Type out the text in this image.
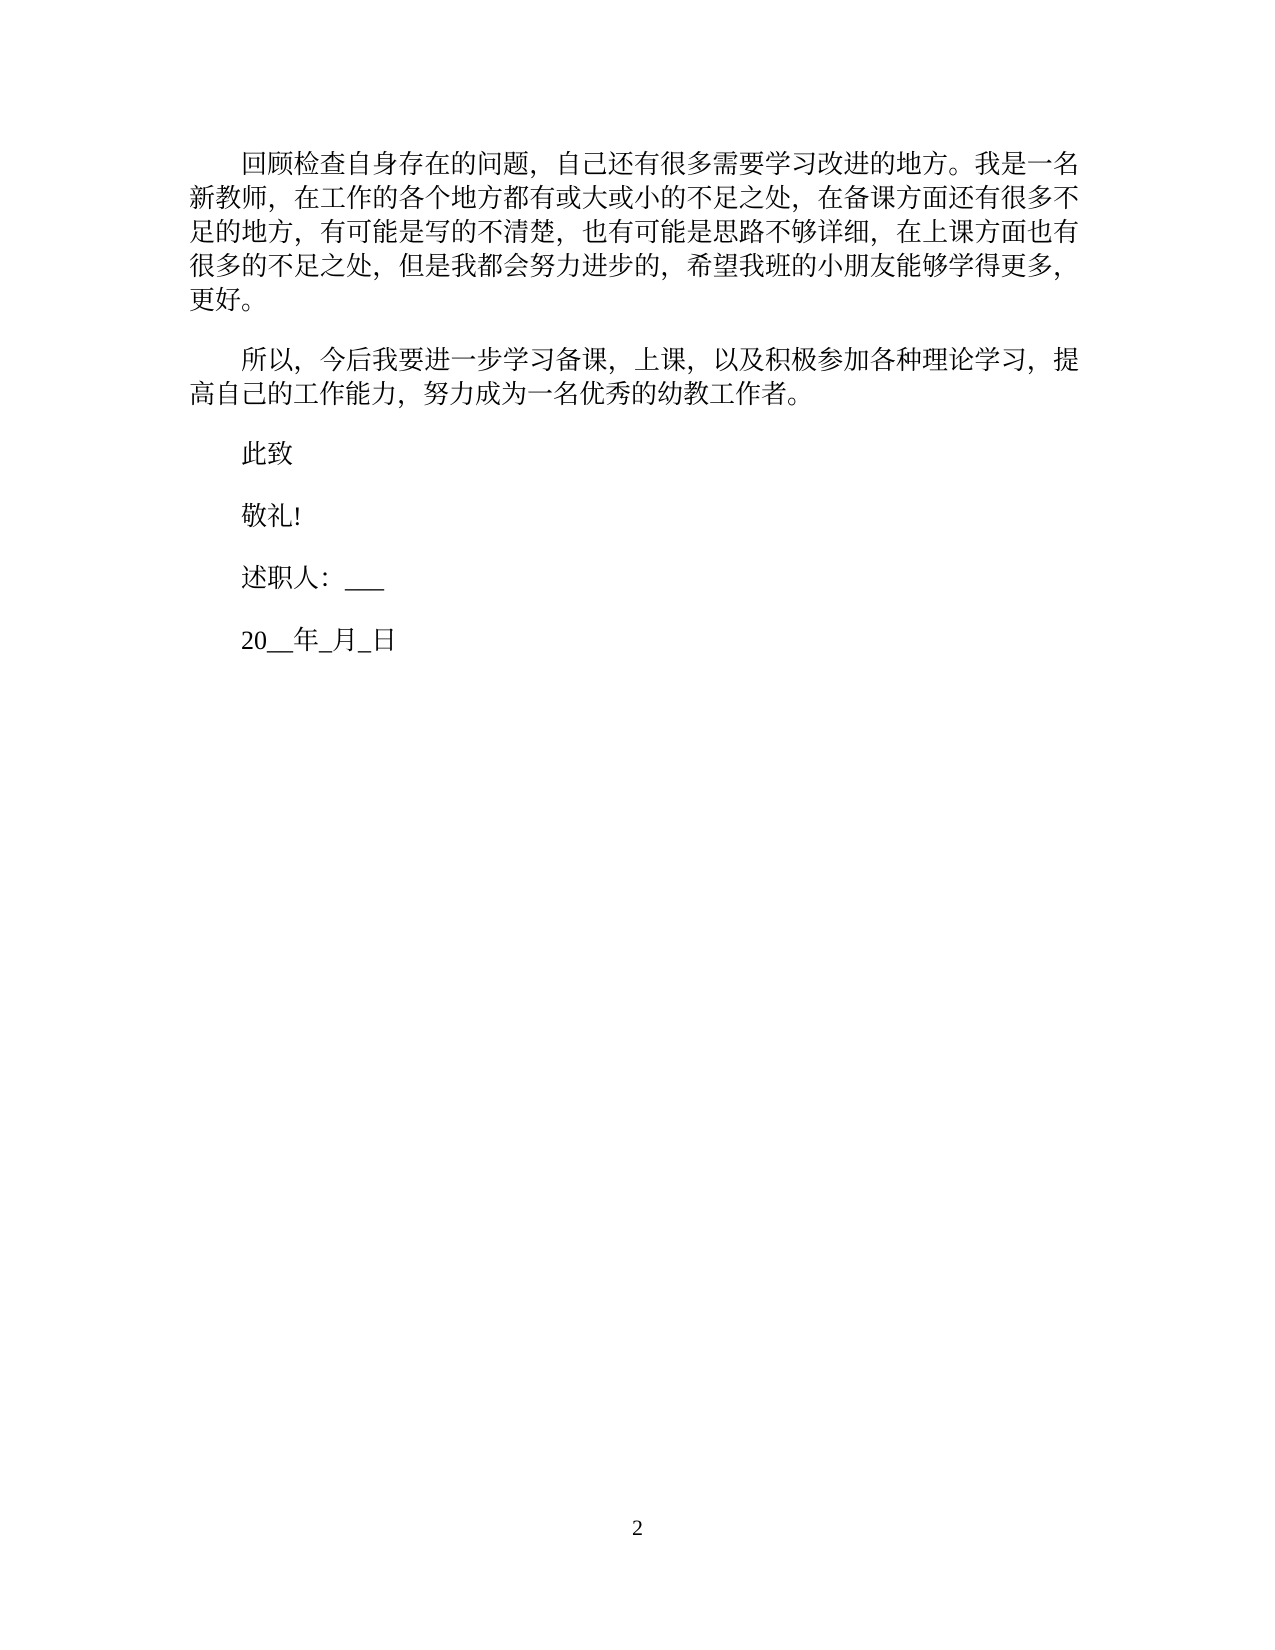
回顾检查自身存在的问题，自己还有很多需要学习改进的地方。我是一名新教师，在工作的各个地方都有或大或小的不足之处，在备课方面还有很多不足的地方，有可能是写的不清楚，也有可能是思路不够详细，在上课方面也有很多的不足之处，但是我都会努力进步的，希望我班的小朋友能够学得更多，更好。

所以，今后我要进一步学习备课，上课，以及积极参加各种理论学习，提高自己的工作能力，努力成为一名优秀的幼教工作者。

此致

敬礼!

述职人：___

20__年_月_日

2
